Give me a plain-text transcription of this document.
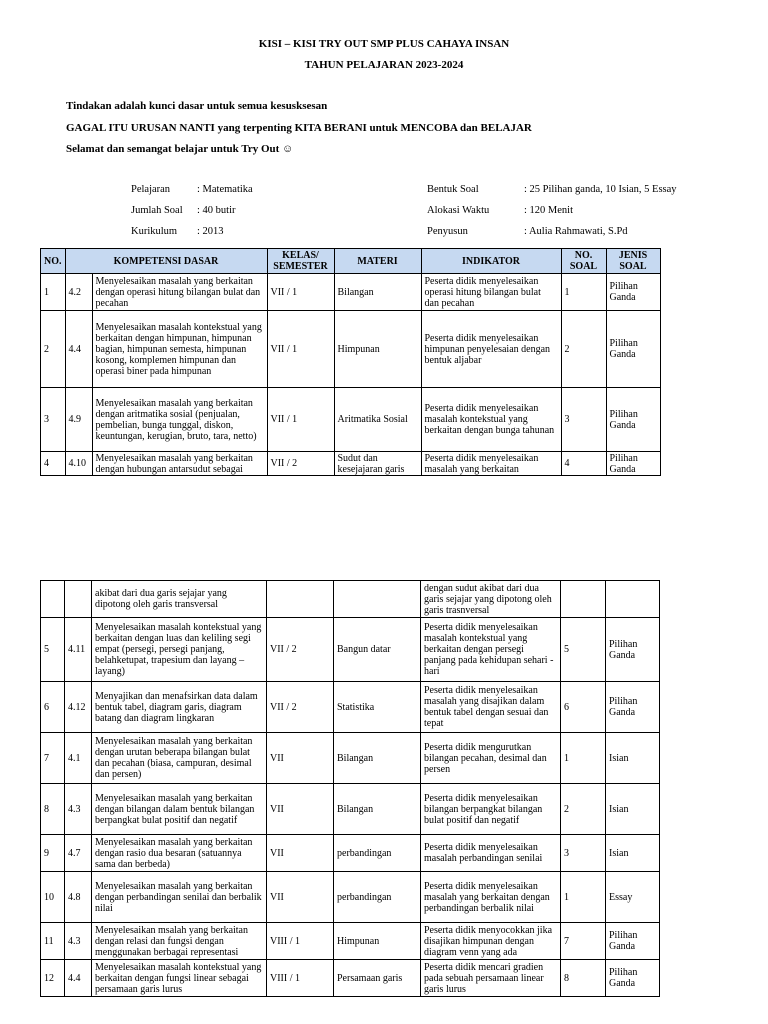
KISI – KISI TRY OUT SMP PLUS CAHAYA INSAN
TAHUN PELAJARAN 2023-2024
Tindakan adalah kunci dasar untuk semua kesusksesan
GAGAL ITU URUSAN NANTI yang terpenting KITA BERANI untuk MENCOBA dan BELAJAR
Selamat dan semangat belajar untuk Try Out ☺
Pelajaran	: Matematika
Jumlah Soal : 40 butir
Kurikulum : 2013
Bentuk Soal	: 25 Pilihan ganda, 10 Isian, 5 Essay
Alokasi Waktu	: 120 Menit
Penyusun	: Aulia Rahmawati, S.Pd
NO.	KOMPETENSI DASAR		KELAS/ SEMESTER	MATERI	INDIKATOR	NO. SOAL	JENIS SOAL
1	4.2	Menyelesaikan masalah yang berkaitan dengan operasi hitung bilangan bulat dan pecahan	VII / 1	Bilangan	Peserta didik menyelesaikan operasi hitung bilangan bulat dan pecahan	1	Pilihan Ganda
2	4.4	Menyelesaikan masalah kontekstual yang berkaitan dengan himpunan, himpunan bagian, himpunan semesta, himpunan kosong, komplemen himpunan dan operasi biner pada himpunan	VII / 1	Himpunan	Peserta didik menyelesaikan himpunan penyelesaian dengan bentuk aljabar	2	Pilihan Ganda
3	4.9	Menyelesaikan masalah yang berkaitan dengan aritmatika sosial (penjualan, pembelian, bunga tunggal, diskon, keuntungan, kerugian, bruto, tara, netto)	VII / 1	Aritmatika Sosial	Peserta didik menyelesaikan masalah kontekstual yang berkaitan dengan bunga tahunan	3	Pilihan Ganda
4	4.10	Menyelesaikan masalah yang berkaitan dengan hubungan antarsudut sebagai	VII / 2	Sudut dan kesejajaran garis	Peserta didik menyelesaikan masalah yang berkaitan	4	Pilihan Ganda
		akibat dari dua garis sejajar yang dipotong oleh garis transversal			dengan sudut akibat dari dua garis sejajar yang dipotong oleh garis trasnversal		
5	4.11	Menyelesaikan masalah kontekstual yang berkaitan dengan luas dan keliling segi empat (persegi, persegi panjang, belahketupat, trapesium dan layang – layang)	VII / 2	Bangun datar	Peserta didik menyelesaikan masalah kontekstual yang berkaitan dengan persegi panjang pada kehidupan sehari - hari	5	Pilihan Ganda
6	4.12	Menyajikan dan menafsirkan data dalam bentuk tabel, diagram garis, diagram batang dan diagram lingkaran	VII / 2	Statistika	Peserta didik menyelesaikan masalah yang disajikan dalam bentuk tabel dengan sesuai dan tepat	6	Pilihan Ganda
7	4.1	Menyelesaikan masalah yang berkaitan dengan urutan beberapa bilangan bulat dan pecahan (biasa, campuran, desimal dan persen)	VII	Bilangan	Peserta didik mengurutkan bilangan pecahan, desimal dan persen	1	Isian
8	4.3	Menyelesaikan masalah yang berkaitan dengan bilangan dalam bentuk bilangan berpangkat bulat positif dan negatif	VII	Bilangan	Peserta didik menyelesaikan bilangan berpangkat bilangan bulat positif dan negatif	2	Isian
9	4.7	Menyelesaikan masalah yang berkaitan dengan rasio dua besaran (satuannya sama dan berbeda)	VII	perbandingan	Peserta didik menyelesaikan masalah perbandingan senilai	3	Isian
10	4.8	Menyelesaikan masalah yang berkaitan dengan perbandingan senilai dan berbalik nilai	VII	perbandingan	Peserta didik menyelesaikan masalah yang berkaitan dengan perbandingan berbalik nilai	1	Essay
11	4.3	Menyelesaikan msalah yang berkaitan dengan relasi dan fungsi dengan menggunakan berbagai representasi	VIII / 1	Himpunan	Peserta didik menyocokkan jika disajikan himpunan dengan diagram venn yang ada	7	Pilihan Ganda
12	4.4	Menyelesaikan masalah kontekstual yang berkaitan dengan fungsi linear sebagai persamaan garis lurus	VIII / 1	Persamaan garis	Peserta didik mencari gradien pada sebuah persamaan linear garis lurus	8	Pilihan Ganda
